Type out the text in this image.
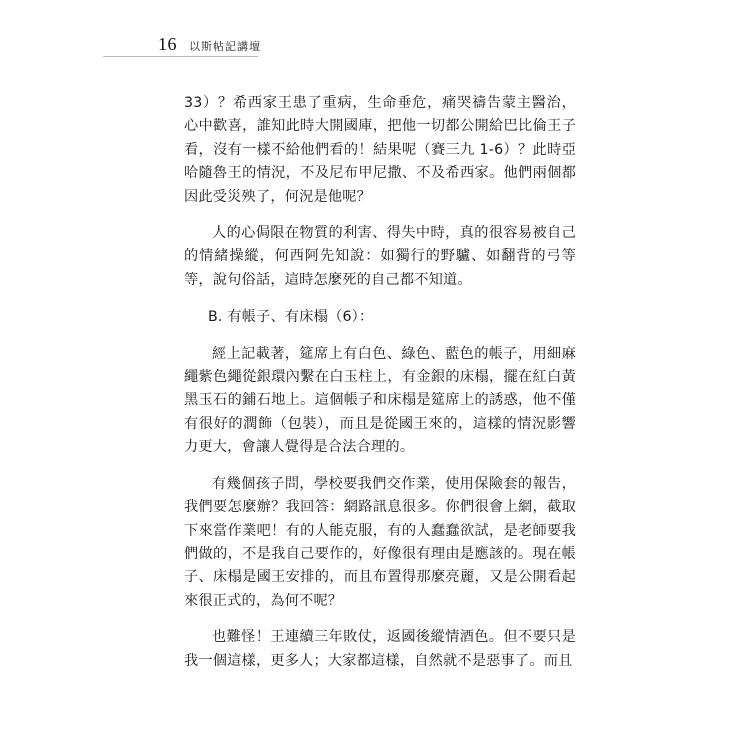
16 以斯帖記講壇

33）？希西家王患了重病，生命垂危，痛哭禱告蒙主醫治，心中歡喜，誰知此時大開國庫，把他一切都公開給巴比倫王子看，沒有一樣不給他們看的！結果呢（賽三九 1-6）？此時亞哈隨魯王的情況，不及尼布甲尼撒、不及希西家。他們兩個都因此受災殃了，何況是他呢？

人的心侷限在物質的利害、得失中時，真的很容易被自己的情緒操縱，何西阿先知說：如獨行的野驢、如翻背的弓等等，說句俗話，這時怎麼死的自己都不知道。

B. 有帳子、有床榻（6）：

經上記載著，筵席上有白色、綠色、藍色的帳子，用細麻繩紫色繩從銀環內繫在白玉柱上，有金銀的床榻，擺在紅白黃黑玉石的鋪石地上。這個帳子和床榻是筵席上的誘惑，他不僅有很好的潤飾（包裝），而且是從國王來的，這樣的情況影響力更大，會讓人覺得是合法合理的。

有幾個孩子問，學校要我們交作業，使用保險套的報告，我們要怎麼辦？我回答：網路訊息很多。你們很會上網，截取下來當作業吧！有的人能克服，有的人蠢蠢欲試，是老師要我們做的，不是我自己要作的，好像很有理由是應該的。現在帳子、床榻是國王安排的，而且布置得那麼亮麗，又是公開看起來很正式的，為何不呢？

也難怪！王連續三年敗仗，返國後縱情酒色。但不要只是我一個這樣，更多人；大家都這樣，自然就不是惡事了。而且
